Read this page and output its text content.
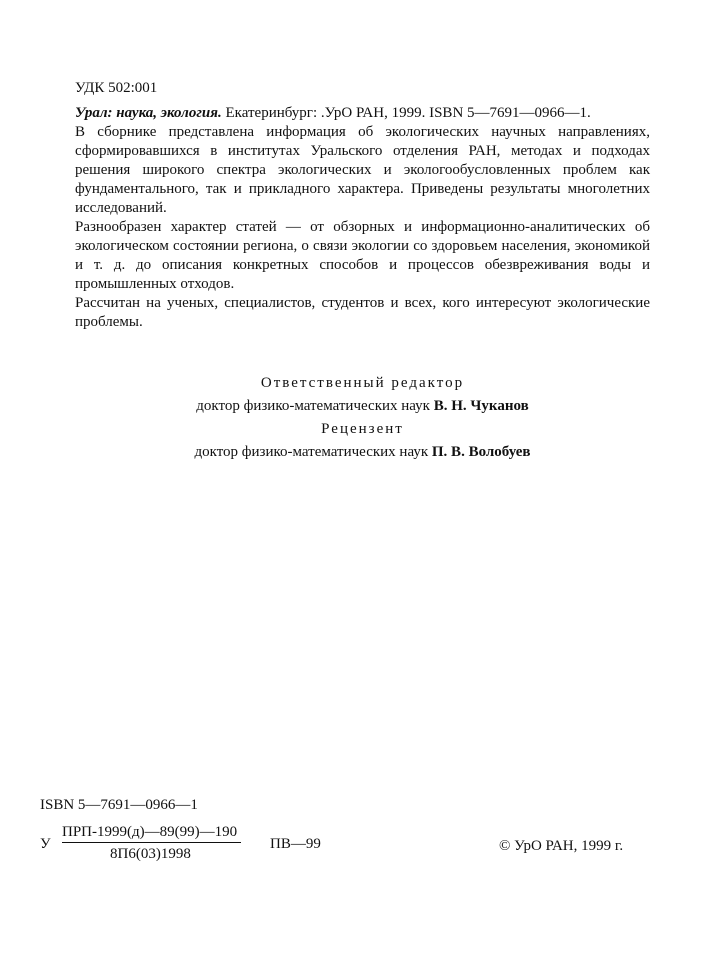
УДК 502:001

Урал: наука, экология. Екатеринбург: .УрО РАН, 1999. ISBN 5—7691—0966—1.

В сборнике представлена информация об экологических научных направлениях, сформировавшихся в институтах Уральского отделения РАН, методах и подходах решения широкого спектра экологических и экологообусловленных проблем как фундаментального, так и прикладного характера. Приведены результаты многолетних исследований.

Разнообразен характер статей — от обзорных и информационно-аналитических об экологическом состоянии региона, о связи экологии со здоровьем населения, экономикой и т. д. до описания конкретных способов и процессов обезвреживания воды и промышленных отходов.

Рассчитан на ученых, специалистов, студентов и всех, кого интересуют экологические проблемы.

Ответственный редактор
доктор физико-математических наук В. Н. Чуканов
Рецензент
доктор физико-математических наук П. В. Волобуев
ISBN 5—7691—0966—1
У
ПРП-1999(д)—89(99)—190
8П6(03)1998
ПВ—99	© УрО РАН, 1999 г.
